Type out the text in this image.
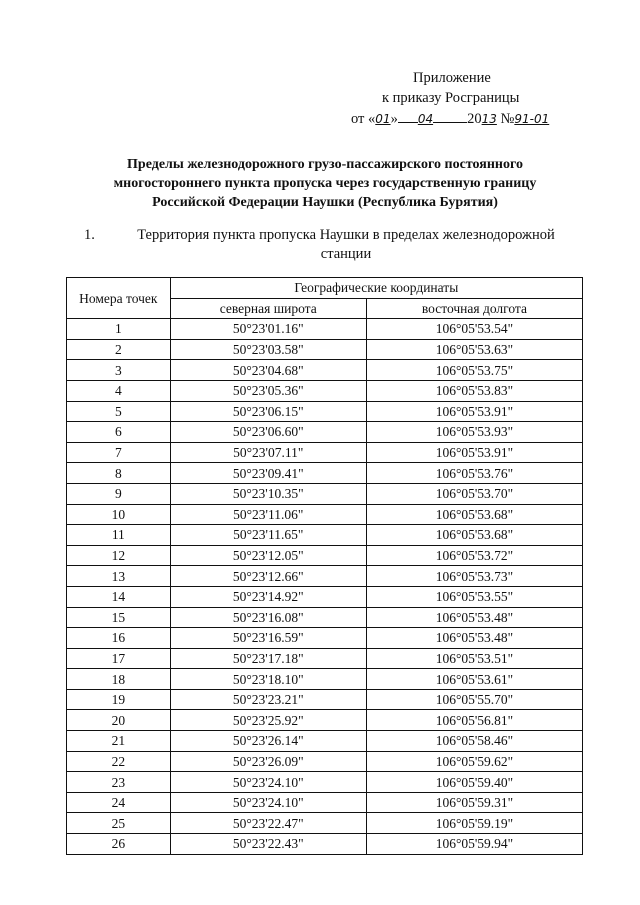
Приложение
к приказу Росграницы
от «01» 04 2013 №91-01
Пределы железнодорожного грузо-пассажирского постоянного
многостороннего пункта пропуска через государственную границу
Российской Федерации Наушки (Республика Бурятия)
1.	Территория пункта пропуска Наушки в пределах железнодорожной станции
Номера точек	Географические координаты	
	северная широта	восточная долгота
1	50°23'01.16"	106°05'53.54"
2	50°23'03.58"	106°05'53.63"
3	50°23'04.68"	106°05'53.75"
4	50°23'05.36"	106°05'53.83"
5	50°23'06.15"	106°05'53.91"
6	50°23'06.60"	106°05'53.93"
7	50°23'07.11"	106°05'53.91"
8	50°23'09.41"	106°05'53.76"
9	50°23'10.35"	106°05'53.70"
10	50°23'11.06"	106°05'53.68"
11	50°23'11.65"	106°05'53.68"
12	50°23'12.05"	106°05'53.72"
13	50°23'12.66"	106°05'53.73"
14	50°23'14.92"	106°05'53.55"
15	50°23'16.08"	106°05'53.48"
16	50°23'16.59"	106°05'53.48"
17	50°23'17.18"	106°05'53.51"
18	50°23'18.10"	106°05'53.61"
19	50°23'23.21"	106°05'55.70"
20	50°23'25.92"	106°05'56.81"
21	50°23'26.14"	106°05'58.46"
22	50°23'26.09"	106°05'59.62"
23	50°23'24.10"	106°05'59.40"
24	50°23'24.10"	106°05'59.31"
25	50°23'22.47"	106°05'59.19"
26	50°23'22.43"	106°05'59.94"
